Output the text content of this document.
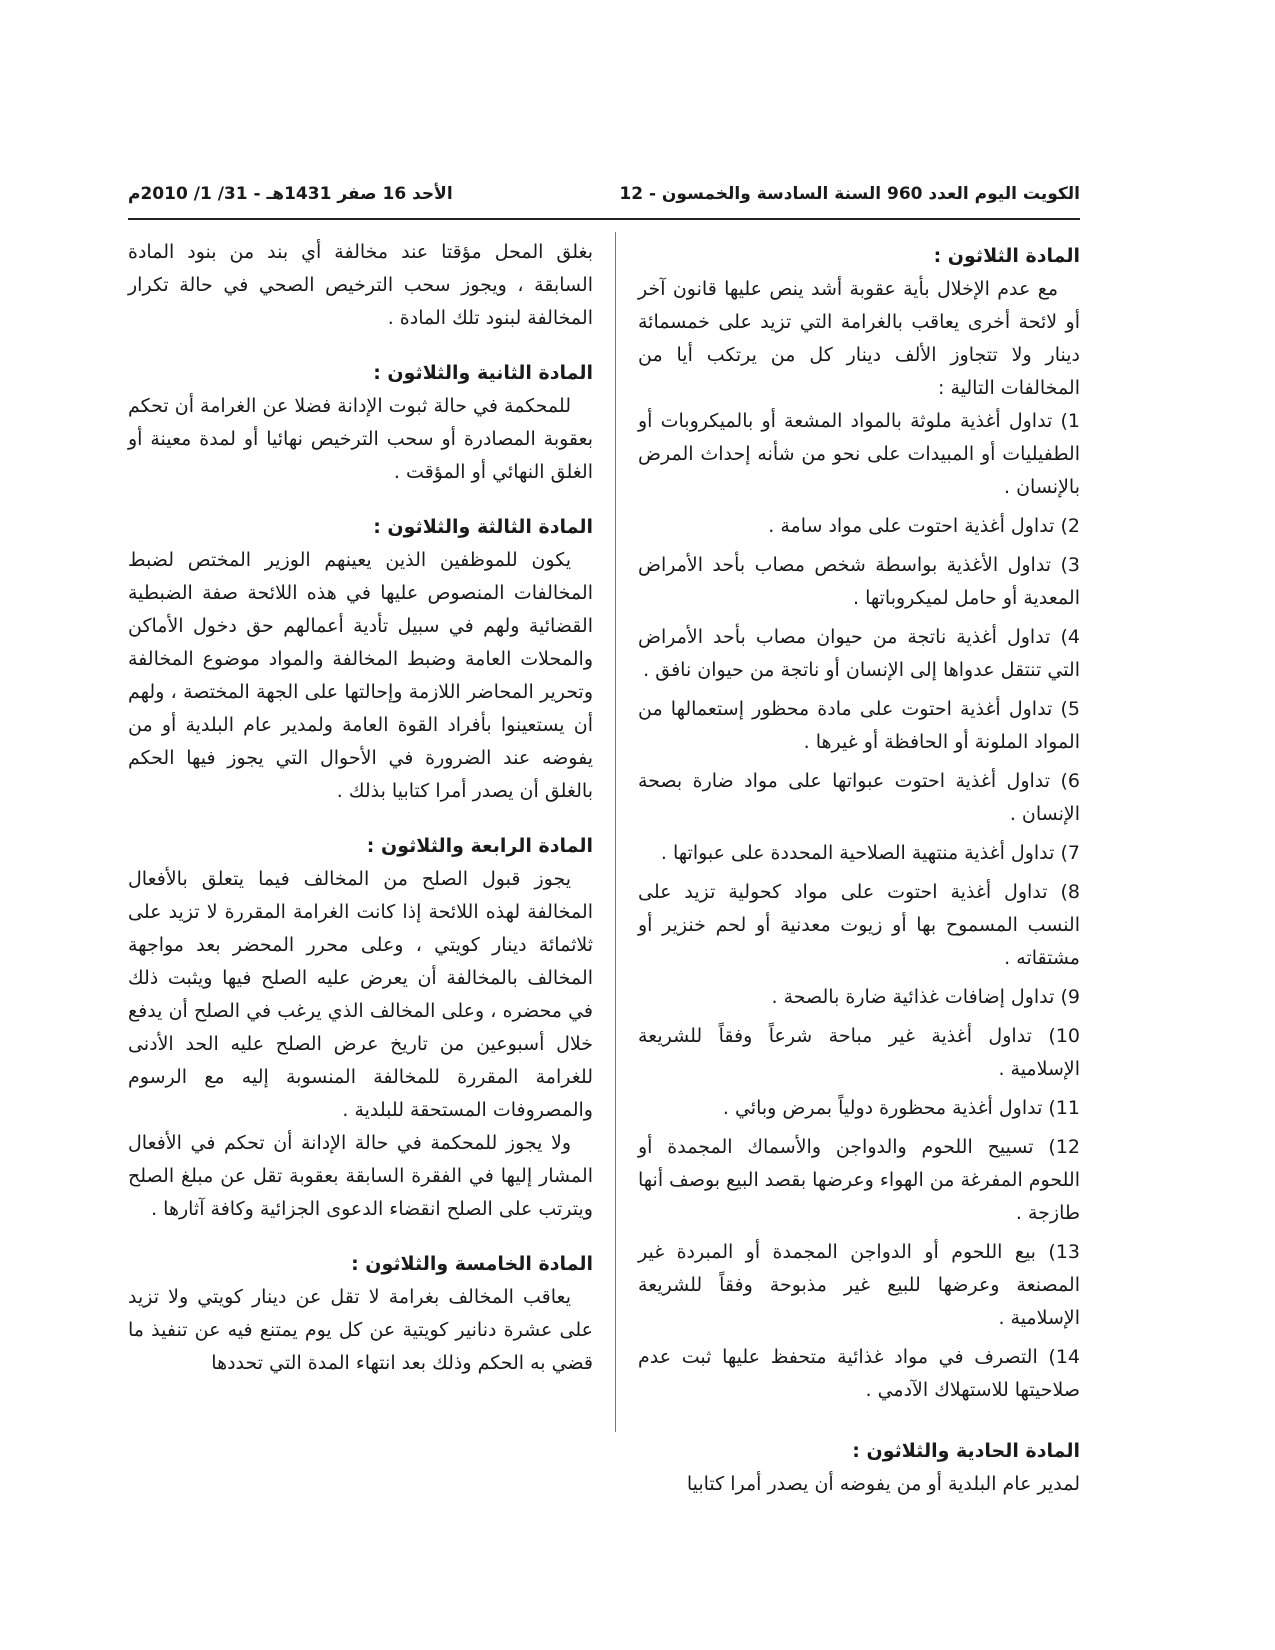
الكويت اليوم العدد 960 السنة السادسة والخمسون - 12
الأحد 16 صفر 1431هـ - 31/ 1/ 2010م

المادة الثلاثون :

مع عدم الإخلال بأية عقوبة أشد ينص عليها قانون آخر أو لائحة أخرى يعاقب بالغرامة التي تزيد على خمسمائة دينار ولا تتجاوز الألف دينار كل من يرتكب أيا من المخالفات التالية :

1) تداول أغذية ملوثة بالمواد المشعة أو بالميكروبات أو الطفيليات أو المبيدات على نحو من شأنه إحداث المرض بالإنسان .

2) تداول أغذية احتوت على مواد سامة .

3) تداول الأغذية بواسطة شخص مصاب بأحد الأمراض المعدية أو حامل لميكروباتها .

4) تداول أغذية ناتجة من حيوان مصاب بأحد الأمراض التي تنتقل عدواها إلى الإنسان أو ناتجة من حيوان نافق .

5) تداول أغذية احتوت على مادة محظور إستعمالها من المواد الملونة أو الحافظة أو غيرها .

6) تداول أغذية احتوت عبواتها على مواد ضارة بصحة الإنسان .

7) تداول أغذية منتهية الصلاحية المحددة على عبواتها .

8) تداول أغذية احتوت على مواد كحولية تزيد على النسب المسموح بها أو زيوت معدنية أو لحم خنزير أو مشتقاته .

9) تداول إضافات غذائية ضارة بالصحة .

10) تداول أغذية غير مباحة شرعاً وفقاً للشريعة الإسلامية .

11) تداول أغذية محظورة دولياً بمرض وبائي .

12) تسييح اللحوم والدواجن والأسماك المجمدة أو اللحوم المفرغة من الهواء وعرضها بقصد البيع بوصف أنها طازجة .

13) بيع اللحوم أو الدواجن المجمدة أو المبردة غير المصنعة وعرضها للبيع غير مذبوحة وفقاً للشريعة الإسلامية .

14) التصرف في مواد غذائية متحفظ عليها ثبت عدم صلاحيتها للاستهلاك الآدمي .

المادة الحادية والثلاثون :

لمدير عام البلدية أو من يفوضه أن يصدر أمرا كتابيا

بغلق المحل مؤقتا عند مخالفة أي بند من بنود المادة السابقة ، ويجوز سحب الترخيص الصحي في حالة تكرار المخالفة لبنود تلك المادة .

المادة الثانية والثلاثون :

للمحكمة في حالة ثبوت الإدانة فضلا عن الغرامة أن تحكم بعقوبة المصادرة أو سحب الترخيص نهائيا أو لمدة معينة أو الغلق النهائي أو المؤقت .

المادة الثالثة والثلاثون :

يكون للموظفين الذين يعينهم الوزير المختص لضبط المخالفات المنصوص عليها في هذه اللائحة صفة الضبطية القضائية ولهم في سبيل تأدية أعمالهم حق دخول الأماكن والمحلات العامة وضبط المخالفة والمواد موضوع المخالفة وتحرير المحاضر اللازمة وإحالتها على الجهة المختصة ، ولهم أن يستعينوا بأفراد القوة العامة ولمدير عام البلدية أو من يفوضه عند الضرورة في الأحوال التي يجوز فيها الحكم بالغلق أن يصدر أمرا كتابيا بذلك .

المادة الرابعة والثلاثون :

يجوز قبول الصلح من المخالف فيما يتعلق بالأفعال المخالفة لهذه اللائحة إذا كانت الغرامة المقررة لا تزيد على ثلاثمائة دينار كويتي ، وعلى محرر المحضر بعد مواجهة المخالف بالمخالفة أن يعرض عليه الصلح فيها ويثبت ذلك في محضره ، وعلى المخالف الذي يرغب في الصلح أن يدفع خلال أسبوعين من تاريخ عرض الصلح عليه الحد الأدنى للغرامة المقررة للمخالفة المنسوبة إليه مع الرسوم والمصروفات المستحقة للبلدية .

ولا يجوز للمحكمة في حالة الإدانة أن تحكم في الأفعال المشار إليها في الفقرة السابقة بعقوبة تقل عن مبلغ الصلح ويترتب على الصلح انقضاء الدعوى الجزائية وكافة آثارها .

المادة الخامسة والثلاثون :

يعاقب المخالف بغرامة لا تقل عن دينار كويتي ولا تزيد على عشرة دنانير كويتية عن كل يوم يمتنع فيه عن تنفيذ ما قضي به الحكم وذلك بعد انتهاء المدة التي تحددها
